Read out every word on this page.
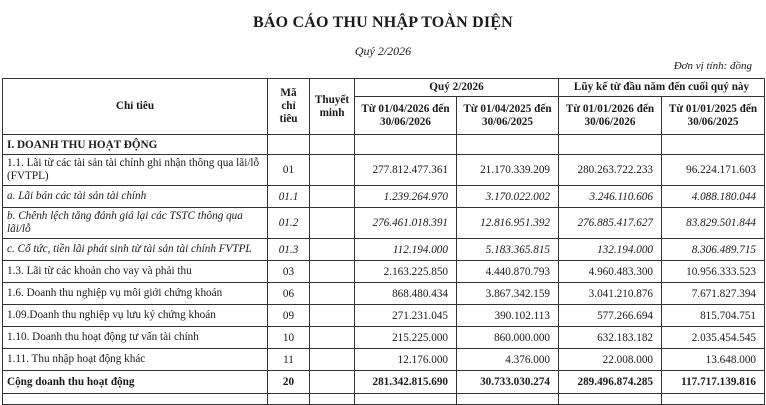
BÁO CÁO THU NHẬP TOÀN DIỆN
Quý 2/2026
Đơn vị tính: đồng
Chỉ tiêu	Mã chỉ tiêu	Thuyết minh	Quý 2/2026		Lũy kế từ đầu năm đến cuối quý này	
			Từ 01/04/2026 đến 30/06/2026	Từ 01/04/2025 đến 30/06/2025	Từ 01/01/2026 đến 30/06/2026	Từ 01/01/2025 đến 30/06/2025
I. DOANH THU HOẠT ĐỘNG						
1.1. Lãi từ các tài sản tài chính ghi nhận thông qua lãi/lỗ (FVTPL)	01		277.812.477.361	21.170.339.209	280.263.722.233	96.224.171.603
a. Lãi bán các tài sản tài chính	01.1		1.239.264.970	3.170.022.002	3.246.110.606	4.088.180.044
b. Chênh lệch tăng đánh giá lại các TSTC thông qua lãi/lỗ	01.2		276.461.018.391	12.816.951.392	276.885.417.627	83.829.501.844
c. Cổ tức, tiền lãi phát sinh từ tài sản tài chính FVTPL	01.3		112.194.000	5.183.365.815	132.194.000	8.306.489.715
1.3. Lãi từ các khoản cho vay và phải thu	03		2.163.225.850	4.440.870.793	4.960.483.300	10.956.333.523
1.6. Doanh thu nghiệp vụ môi giới chứng khoán	06		868.480.434	3.867.342.159	3.041.210.876	7.671.827.394
1.09.Doanh thu nghiệp vụ lưu ký chứng khoán	09		271.231.045	390.102.113	577.266.694	815.704.751
1.10. Doanh thu hoạt động tư vấn tài chính	10		215.225.000	860.000.000	632.183.182	2.035.454.545
1.11. Thu nhập hoạt động khác	11		12.176.000	4.376.000	22.008.000	13.648.000
Cộng doanh thu hoạt động	20		281.342.815.690	30.733.030.274	289.496.874.285	117.717.139.816
